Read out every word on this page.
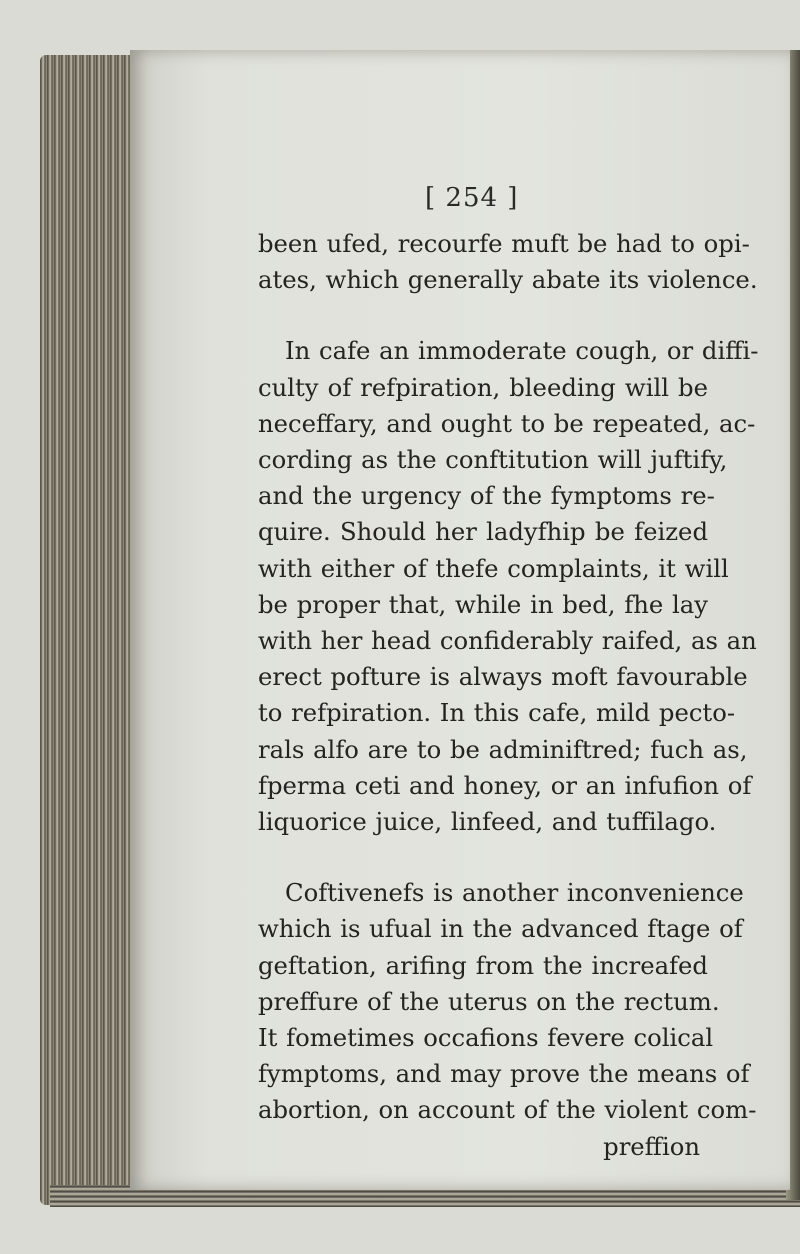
[ 254 ]
been ufed, recourfe muft be had to opi-
ates, which generally abate its violence.
In cafe an immoderate cough, or diffi-
culty of refpiration, bleeding will be
neceffary, and ought to be repeated, ac-
cording as the conftitution will juftify,
and the urgency of the fymptoms re-
quire. Should her ladyfhip be feized
with either of thefe complaints, it will
be proper that, while in bed, fhe lay
with her head confiderably raifed, as an
erect pofture is always moft favourable
to refpiration. In this cafe, mild pecto-
rals alfo are to be adminiftred; fuch as,
fperma ceti and honey, or an infufion of
liquorice juice, linfeed, and tuffilago.
Coftivenefs is another inconvenience
which is ufual in the advanced ftage of
geftation, arifing from the increafed
preffure of the uterus on the rectum.
It fometimes occafions fevere colical
fymptoms, and may prove the means of
abortion, on account of the violent com-
preffion
